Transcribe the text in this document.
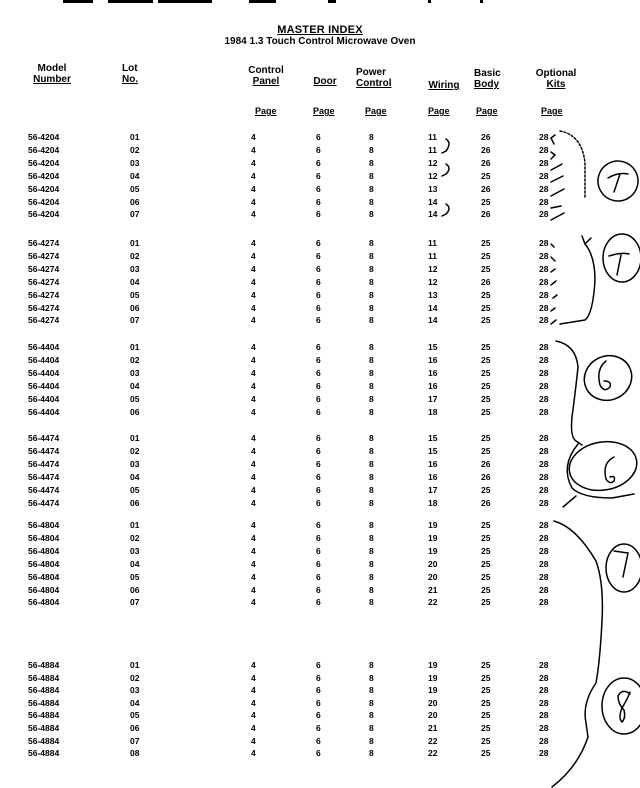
MASTER INDEX
1984 1.3 Touch Control Microwave Oven
Model
Number
Lot
No.
Control
Panel	Door
Power
Control	Wiring
Basic
Body
Optional
Kits
Page	Page	Page	Page	Page	Page
56-4204	01	4	6	8	11	26	28
56-4204	02	4	6	8	11	26	28
56-4204	03	4	6	8	12	26	28
56-4204	04	4	6	8	12	25	28
56-4204	05	4	6	8	13	26	28
56-4204	06	4	6	8	14	25	28
56-4204	07	4	6	8	14	26	28
56-4274	01	4	6	8	11	25	28
56-4274	02	4	6	8	11	25	28
56-4274	03	4	6	8	12	25	28
56-4274	04	4	6	8	12	26	28
56-4274	05	4	6	8	13	25	28
56-4274	06	4	6	8	14	25	28
56-4274	07	4	6	8	14	25	28
56-4404	01	4	6	8	15	25	28
56-4404	02	4	6	8	16	25	28
56-4404	03	4	6	8	16	25	28
56-4404	04	4	6	8	16	25	28
56-4404	05	4	6	8	17	25	28
56-4404	06	4	6	8	18	25	28
56-4474	01	4	6	8	15	25	28
56-4474	02	4	6	8	15	25	28
56-4474	03	4	6	8	16	26	28
56-4474	04	4	6	8	16	26	28
56-4474	05	4	6	8	17	25	28
56-4474	06	4	6	8	18	26	28
56-4804	01	4	6	8	19	25	28
56-4804	02	4	6	8	19	25	28
56-4804	03	4	6	8	19	25	28
56-4804	04	4	6	8	20	25	28
56-4804	05	4	6	8	20	25	28
56-4804	06	4	6	8	21	25	28
56-4804	07	4	6	8	22	25	28
56-4884	01	4	6	8	19	25	28
56-4884	02	4	6	8	19	25	28
56-4884	03	4	6	8	19	25	28
56-4884	04	4	6	8	20	25	28
56-4884	05	4	6	8	20	25	28
56-4884	06	4	6	8	21	25	28
56-4884	07	4	6	8	22	25	28
56-4884	08	4	6	8	22	25	28
